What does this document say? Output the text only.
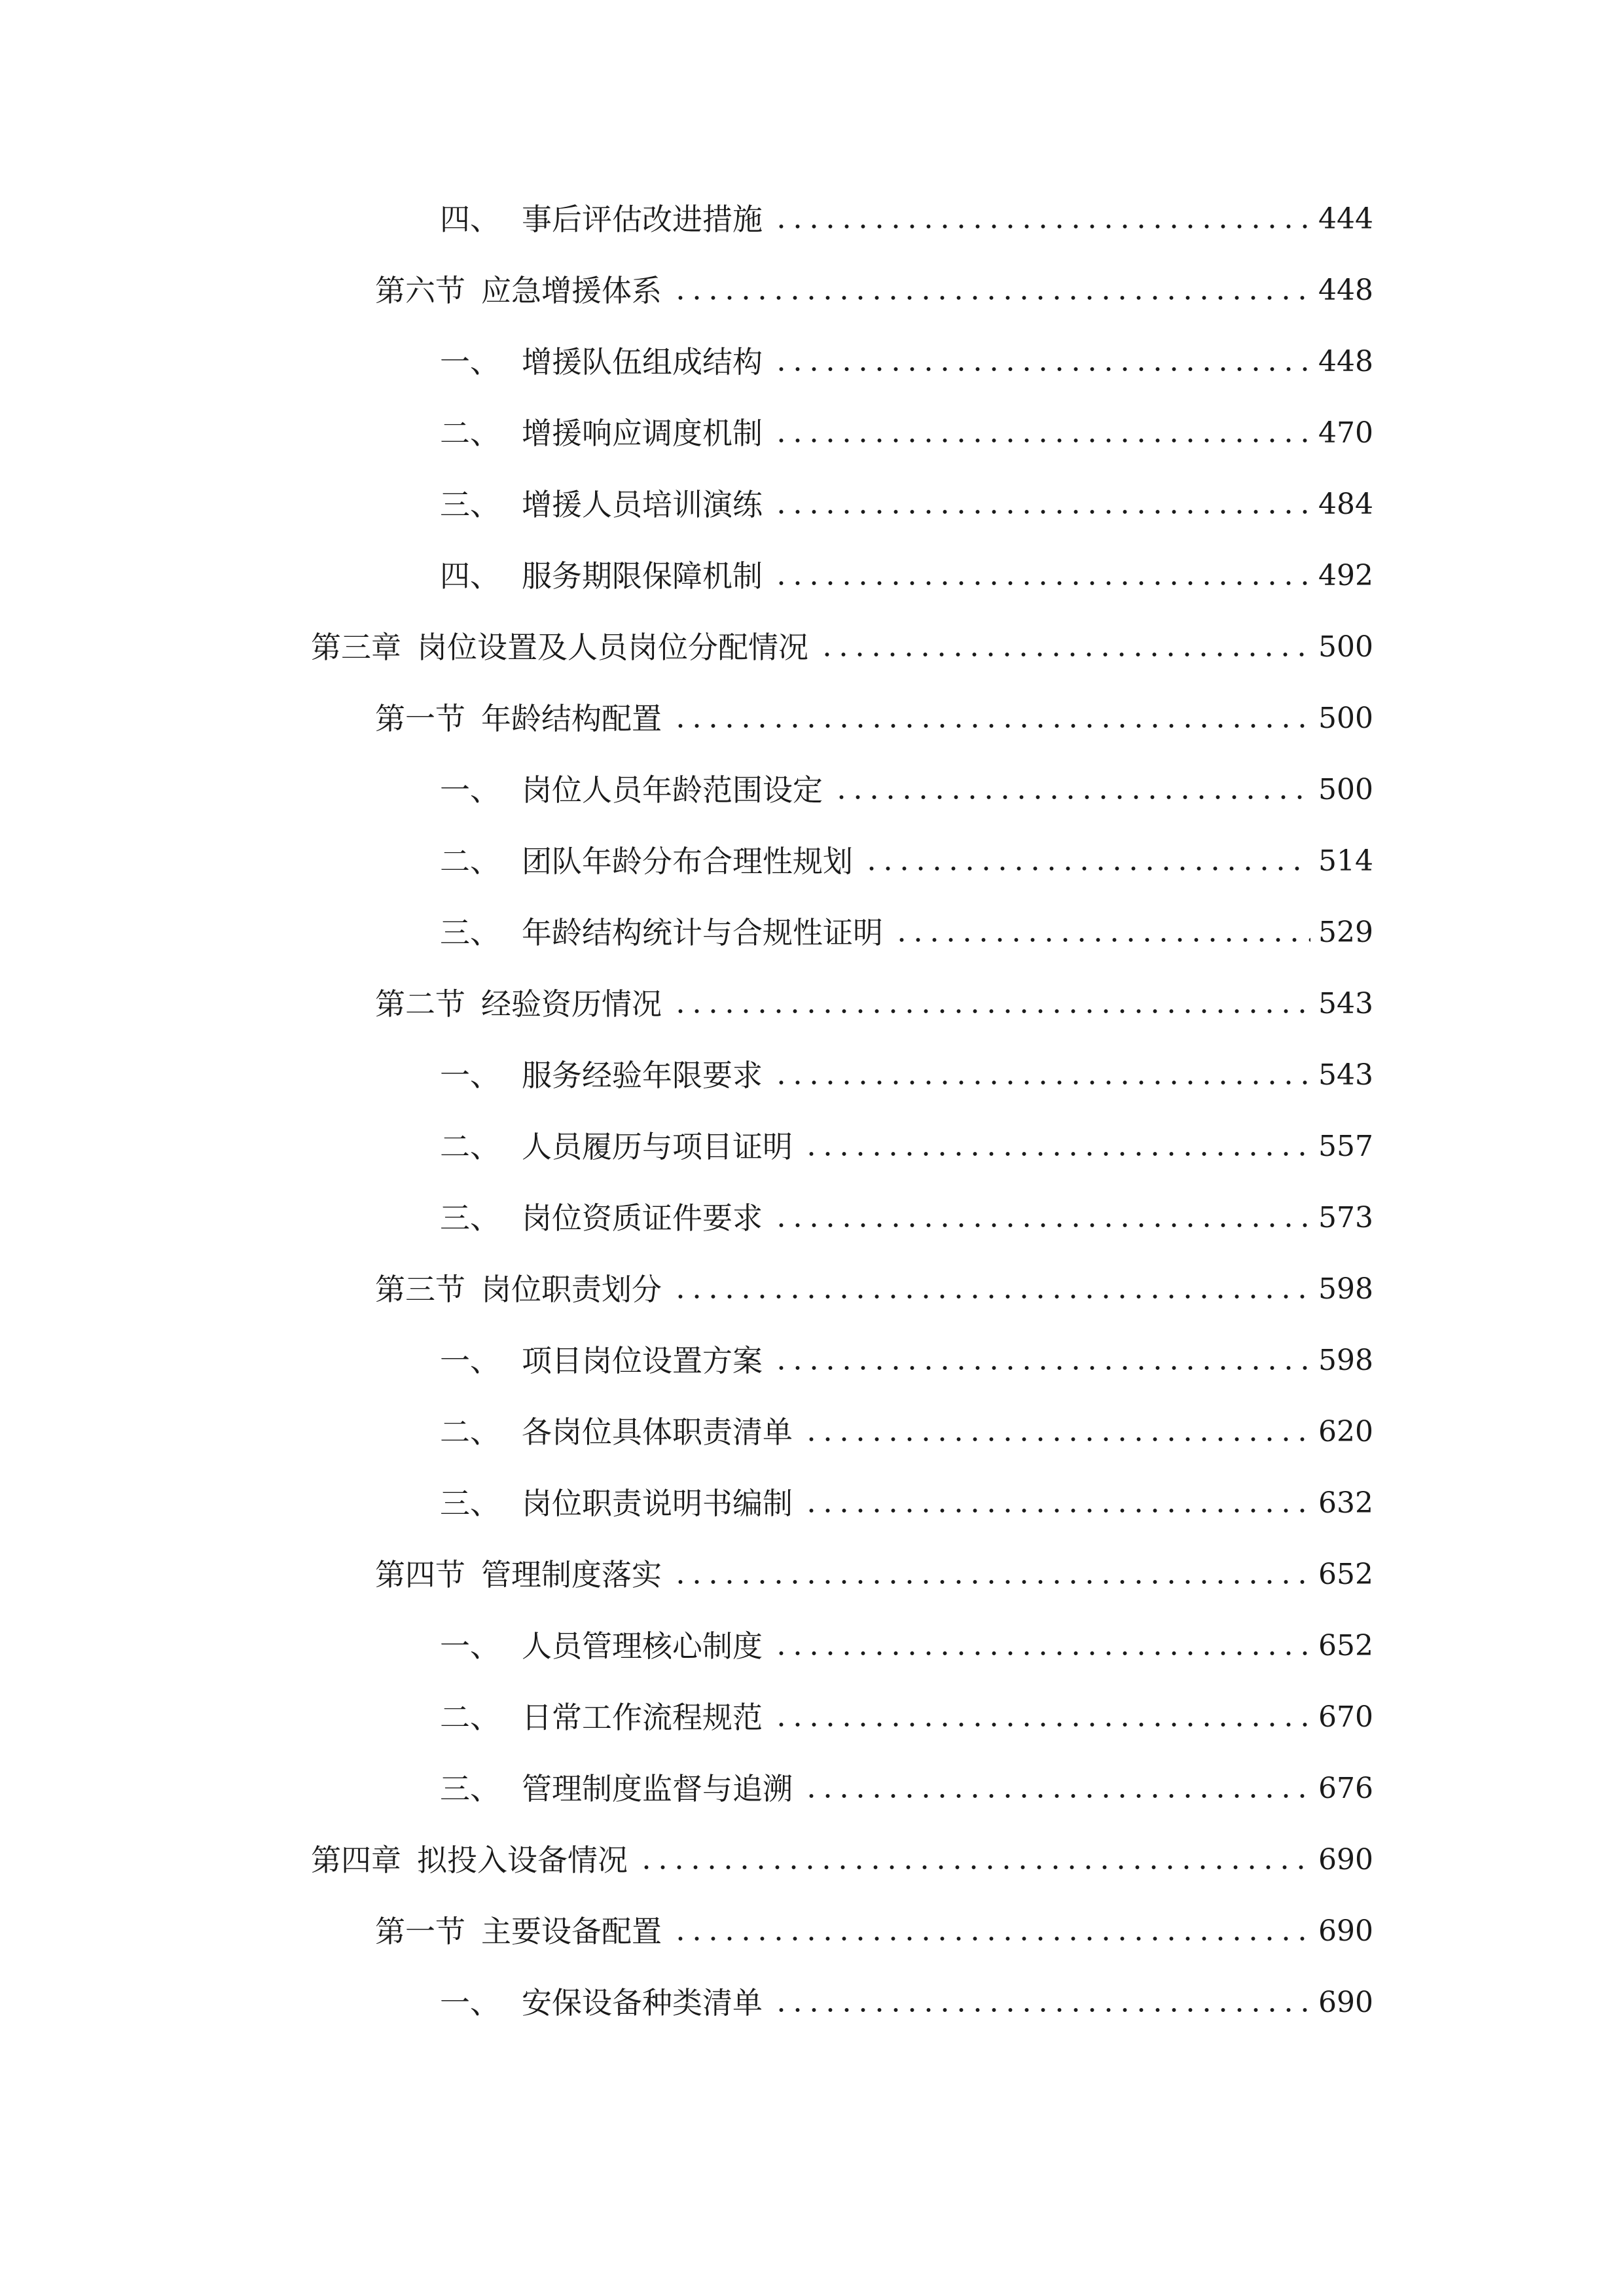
四、 事后评估改进措施	444
第六节 应急增援体系	448
一、 增援队伍组成结构	448
二、 增援响应调度机制	470
三、 增援人员培训演练	484
四、 服务期限保障机制	492
第三章 岗位设置及人员岗位分配情况	500
第一节 年龄结构配置	500
一、 岗位人员年龄范围设定	500
二、 团队年龄分布合理性规划	514
三、 年龄结构统计与合规性证明	529
第二节 经验资历情况	543
一、 服务经验年限要求	543
二、 人员履历与项目证明	557
三、 岗位资质证件要求	573
第三节 岗位职责划分	598
一、 项目岗位设置方案	598
二、 各岗位具体职责清单	620
三、 岗位职责说明书编制	632
第四节 管理制度落实	652
一、 人员管理核心制度	652
二、 日常工作流程规范	670
三、 管理制度监督与追溯	676
第四章 拟投入设备情况	690
第一节 主要设备配置	690
一、 安保设备种类清单	690
